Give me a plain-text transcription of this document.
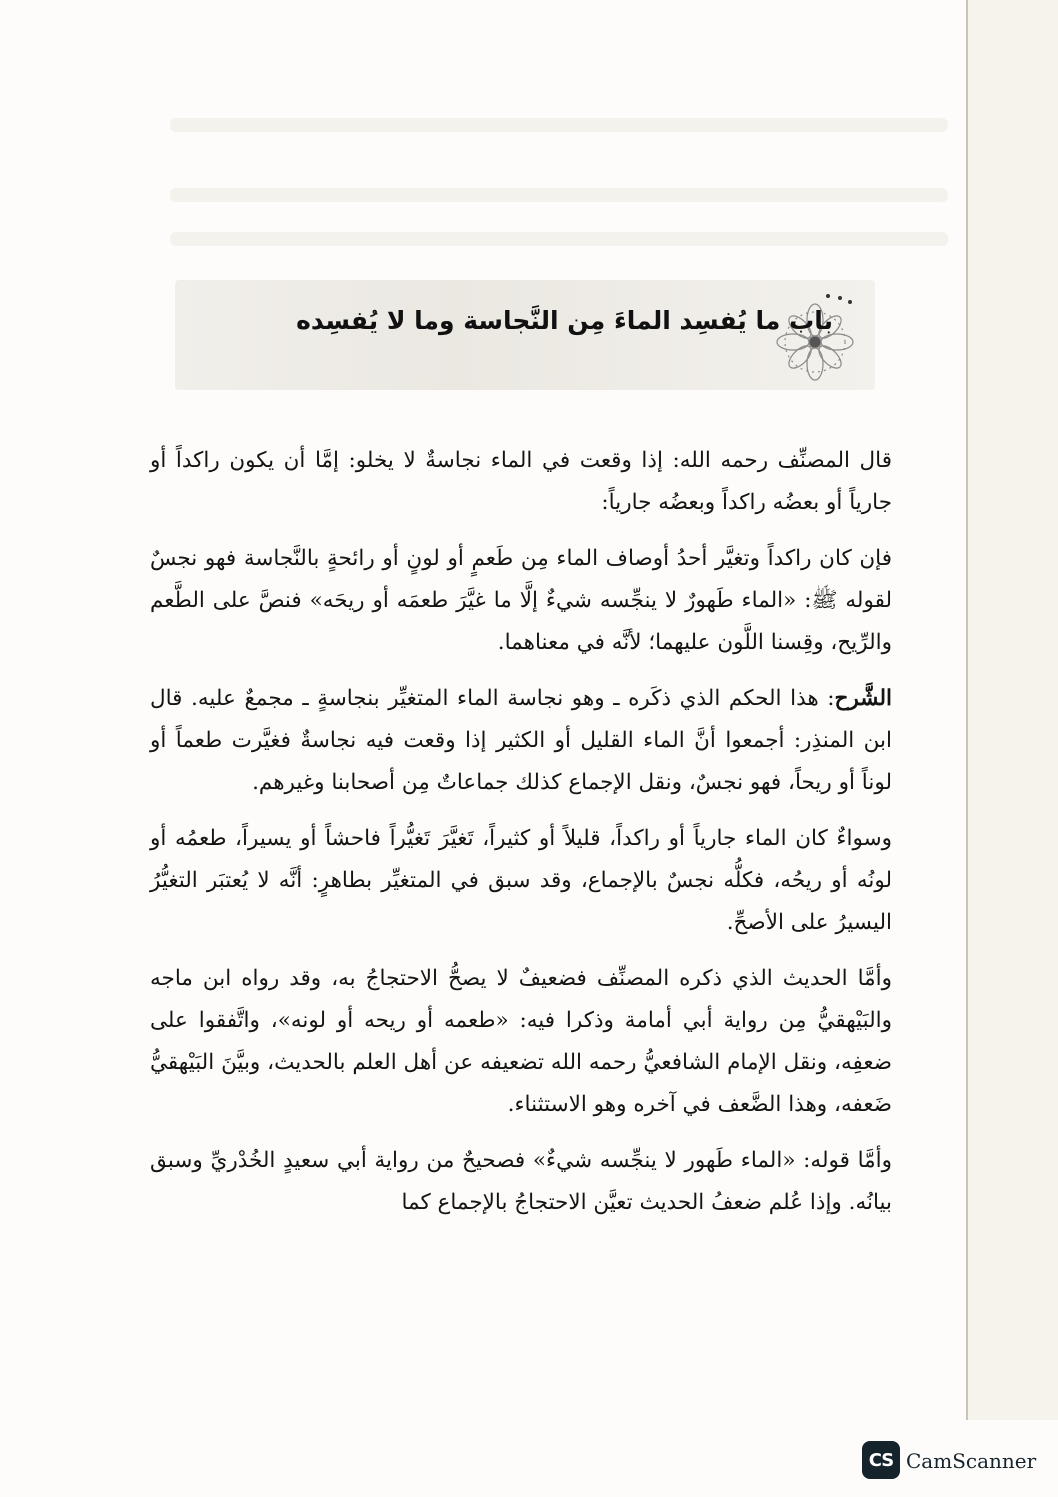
باب ما يُفسِد الماءَ مِن النَّجاسة وما لا يُفسِده

قال المصنِّف رحمه الله: إذا وقعت في الماء نجاسةٌ لا يخلو: إمَّا أن يكون راكداً أو جارياً أو بعضُه راكداً وبعضُه جارياً:

فإن كان راكداً وتغيَّر أحدُ أوصاف الماء مِن طَعمٍ أو لونٍ أو رائحةٍ بالنَّجاسة فهو نجسٌ لقوله ﷺ: «الماء طَهورٌ لا ينجِّسه شيءٌ إلَّا ما غيَّرَ طعمَه أو ريحَه» فنصَّ على الطَّعم والرِّيح، وقِسنا اللَّون عليهما؛ لأنَّه في معناهما.

الشَّرح: هذا الحكم الذي ذكَره ـ وهو نجاسة الماء المتغيِّر بنجاسةٍ ـ مجمعٌ عليه. قال ابن المنذِر: أجمعوا أنَّ الماء القليل أو الكثير إذا وقعت فيه نجاسةٌ فغيَّرت طعماً أو لوناً أو ريحاً، فهو نجسٌ، ونقل الإجماع كذلك جماعاتٌ مِن أصحابنا وغيرهم.

وسواءٌ كان الماء جارياً أو راكداً، قليلاً أو كثيراً، تَغيَّرَ تَغيُّراً فاحشاً أو يسيراً، طعمُه أو لونُه أو ريحُه، فكلُّه نجسٌ بالإجماع، وقد سبق في المتغيِّر بطاهرٍ: أنَّه لا يُعتبَر التغيُّرُ اليسيرُ على الأصحِّ.

وأمَّا الحديث الذي ذكره المصنِّف فضعيفٌ لا يصحُّ الاحتجاجُ به، وقد رواه ابن ماجه والبَيْهقيُّ مِن رواية أبي أمامة وذكرا فيه: «طعمه أو ريحه أو لونه»، واتَّفقوا على ضعفِه، ونقل الإمام الشافعيُّ رحمه الله تضعيفه عن أهل العلم بالحديث، وبيَّنَ البَيْهقيُّ ضَعفه، وهذا الضَّعف في آخره وهو الاستثناء.

وأمَّا قوله: «الماء طَهور لا ينجِّسه شيءٌ» فصحيحٌ من رواية أبي سعيدٍ الخُدْريِّ وسبق بيانُه. وإذا عُلم ضعفُ الحديث تعيَّن الاحتجاجُ بالإجماع كما

CS CamScanner
